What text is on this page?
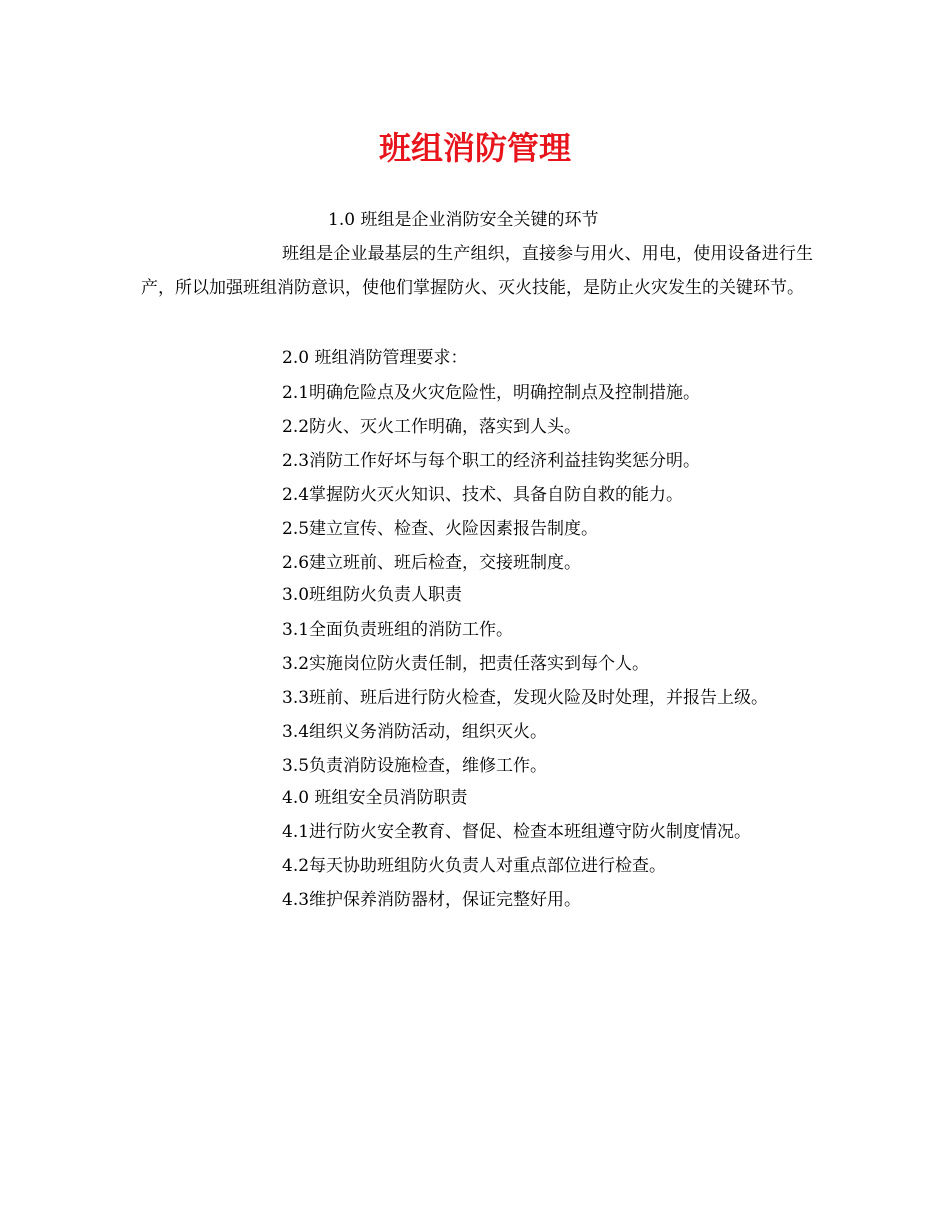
班组消防管理

1.0 班组是企业消防安全关键的环节

班组是企业最基层的生产组织，直接参与用火、用电，使用设备进行生产，所以加强班组消防意识，使他们掌握防火、灭火技能，是防止火灾发生的关键环节。

2.0 班组消防管理要求：

2.1明确危险点及火灾危险性，明确控制点及控制措施。

2.2防火、灭火工作明确，落实到人头。

2.3消防工作好坏与每个职工的经济利益挂钩奖惩分明。

2.4掌握防火灭火知识、技术、具备自防自救的能力。

2.5建立宣传、检查、火险因素报告制度。

2.6建立班前、班后检查，交接班制度。

3.0班组防火负责人职责

3.1全面负责班组的消防工作。

3.2实施岗位防火责任制，把责任落实到每个人。

3.3班前、班后进行防火检查，发现火险及时处理，并报告上级。

3.4组织义务消防活动，组织灭火。

3.5负责消防设施检查，维修工作。

4.0 班组安全员消防职责

4.1进行防火安全教育、督促、检查本班组遵守防火制度情况。

4.2每天协助班组防火负责人对重点部位进行检查。

4.3维护保养消防器材，保证完整好用。
